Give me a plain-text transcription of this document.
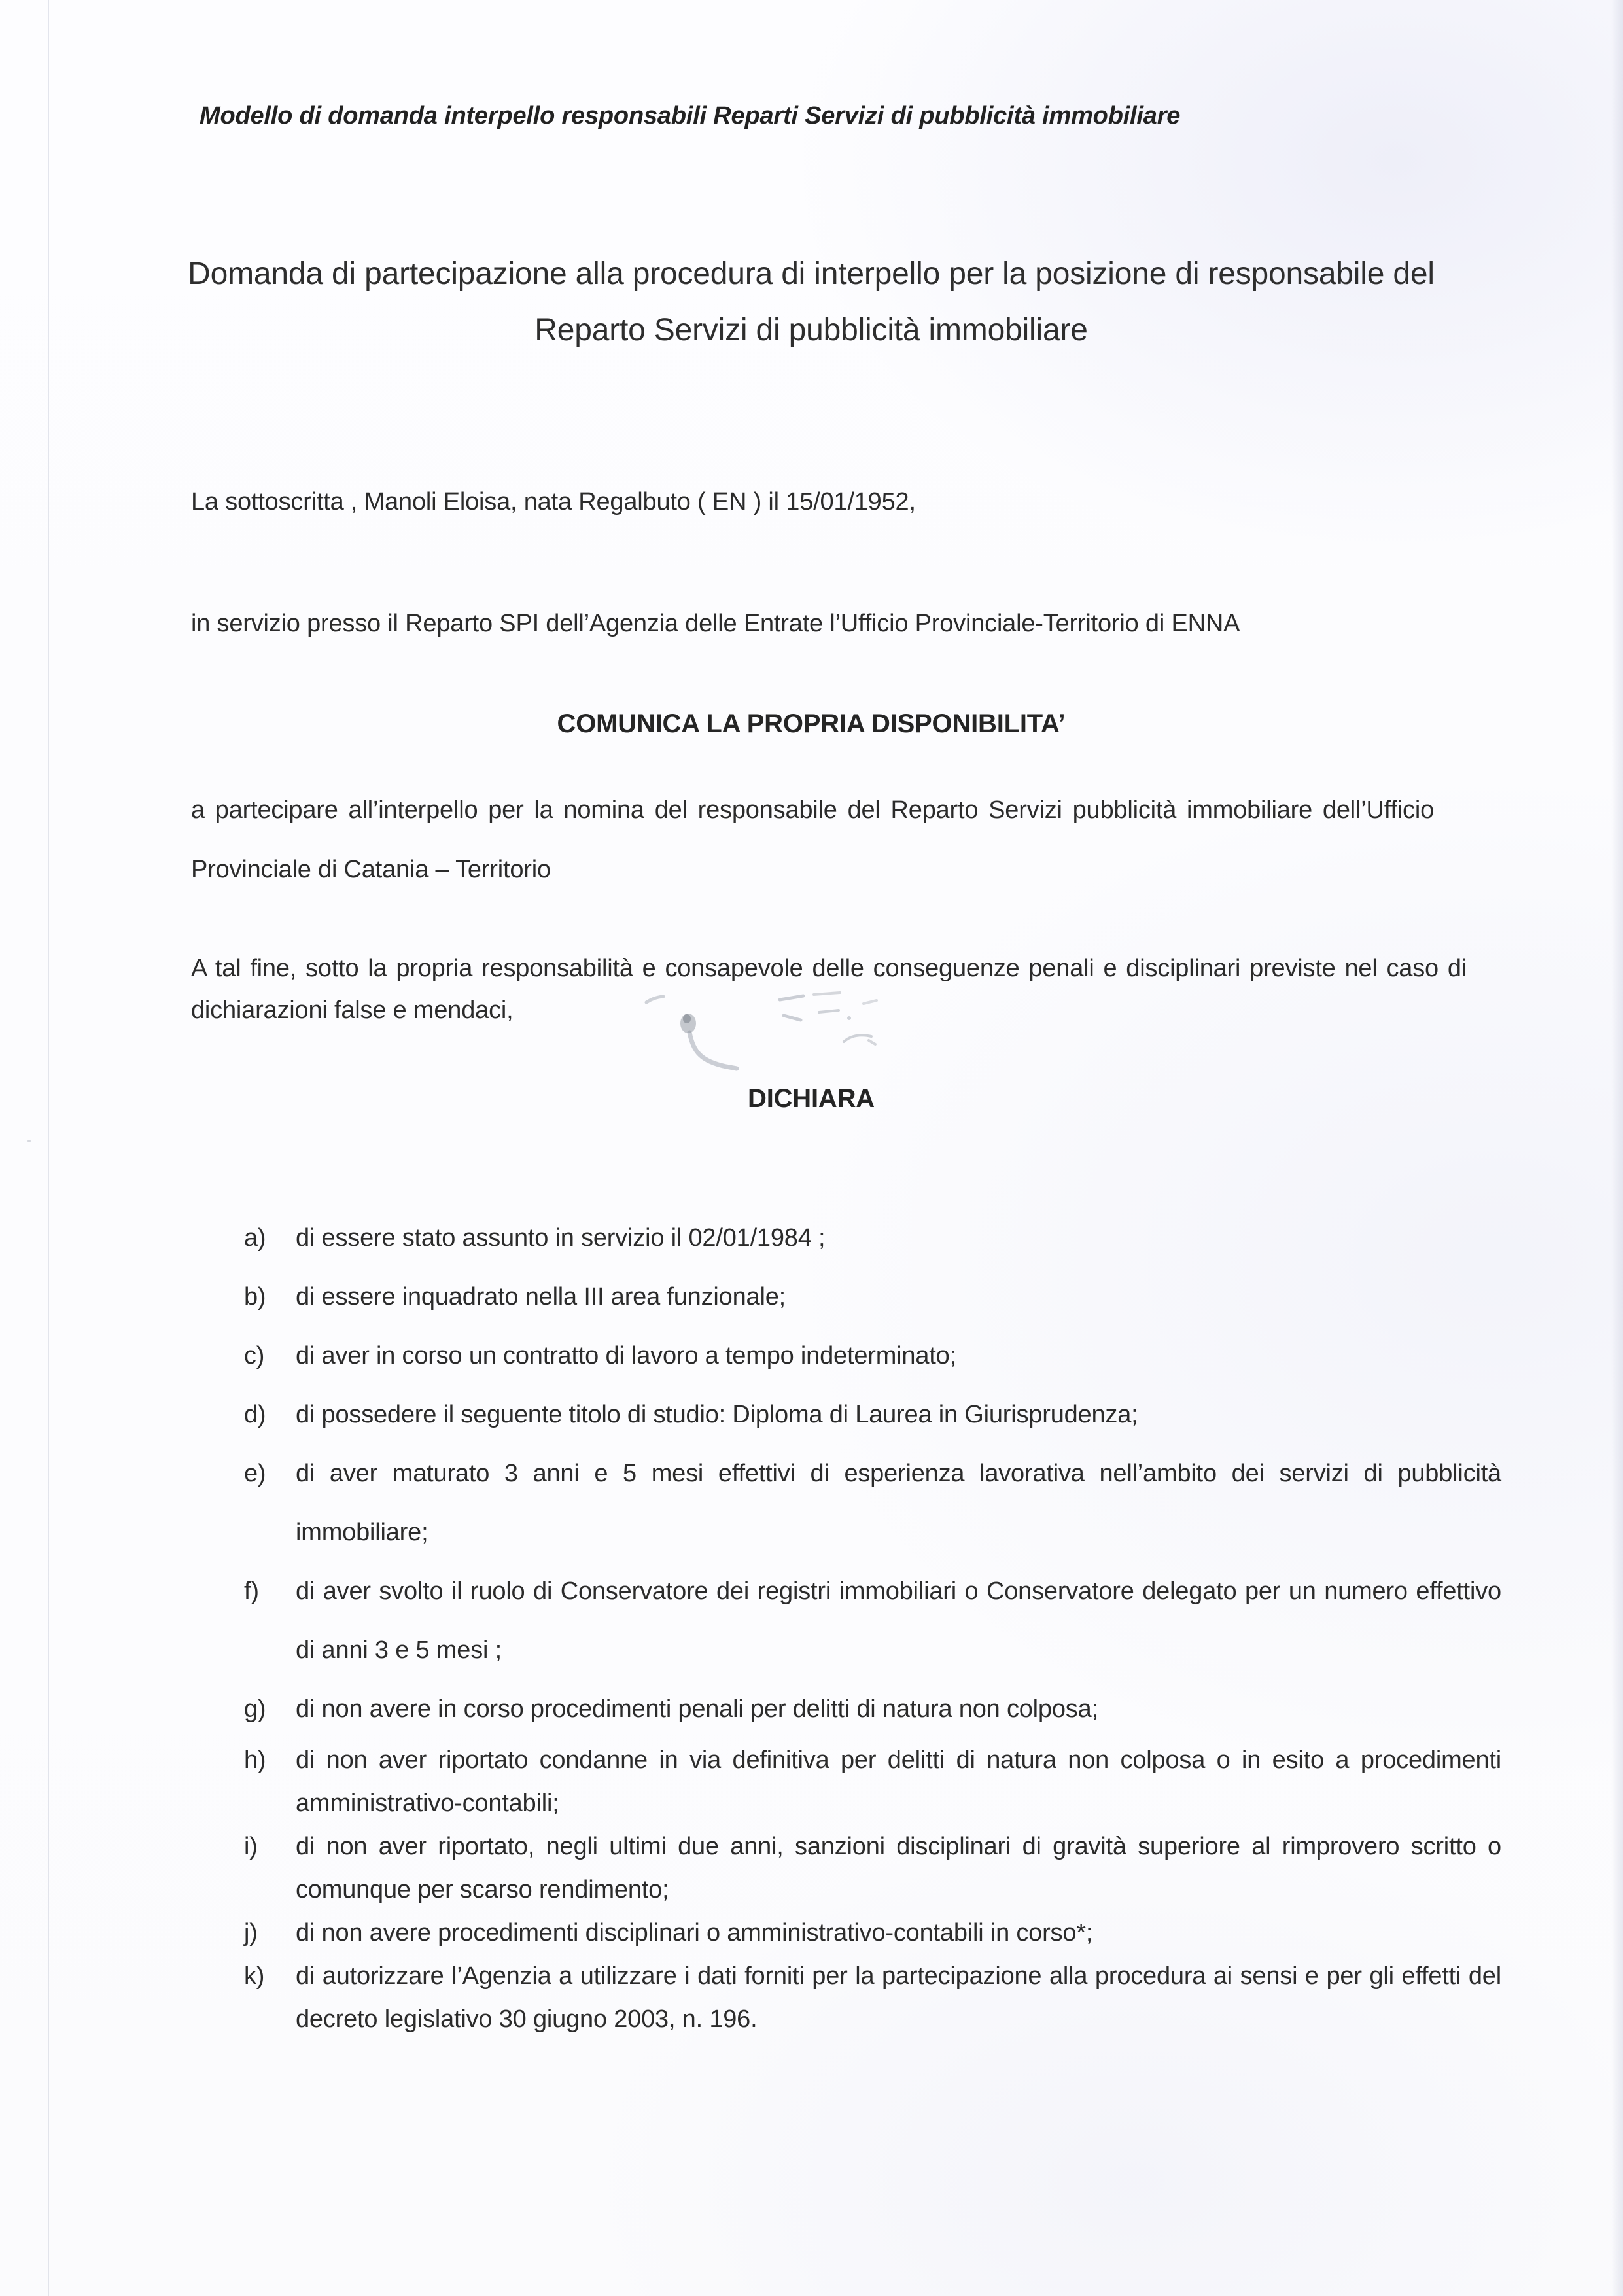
Modello di domanda interpello responsabili Reparti Servizi di pubblicità immobiliare
Domanda di partecipazione alla procedura di interpello per la posizione di responsabile del Reparto Servizi di pubblicità immobiliare
La sottoscritta , Manoli Eloisa, nata Regalbuto ( EN ) il 15/01/1952,
in servizio presso il Reparto SPI dell’Agenzia delle Entrate l’Ufficio Provinciale-Territorio di ENNA
COMUNICA LA PROPRIA DISPONIBILITA’
a partecipare all’interpello per la nomina del responsabile del Reparto Servizi pubblicità immobiliare dell’Ufficio Provinciale di Catania – Territorio
A tal fine, sotto la propria responsabilità e consapevole delle conseguenze penali e disciplinari previste nel caso di dichiarazioni false e mendaci,
DICHIARA
a) di essere stato assunto in servizio il 02/01/1984 ;
b) di essere inquadrato nella III area funzionale;
c) di aver in corso un contratto di lavoro a tempo indeterminato;
d) di possedere il seguente titolo di studio: Diploma di Laurea in Giurisprudenza;
e) di aver maturato 3 anni e 5 mesi effettivi di esperienza lavorativa nell’ambito dei servizi di pubblicità immobiliare;
f) di aver svolto il ruolo di Conservatore dei registri immobiliari o Conservatore delegato per un numero effettivo di anni 3 e 5 mesi ;
g) di non avere in corso procedimenti penali per delitti di natura non colposa;
h) di non aver riportato condanne in via definitiva per delitti di natura non colposa o in esito a procedimenti amministrativo-contabili;
i) di non aver riportato, negli ultimi due anni, sanzioni disciplinari di gravità superiore al rimprovero scritto o comunque per scarso rendimento;
j) di non avere procedimenti disciplinari o amministrativo-contabili in corso*;
k) di autorizzare l’Agenzia a utilizzare i dati forniti per la partecipazione alla procedura ai sensi e per gli effetti del decreto legislativo 30 giugno 2003, n. 196.
